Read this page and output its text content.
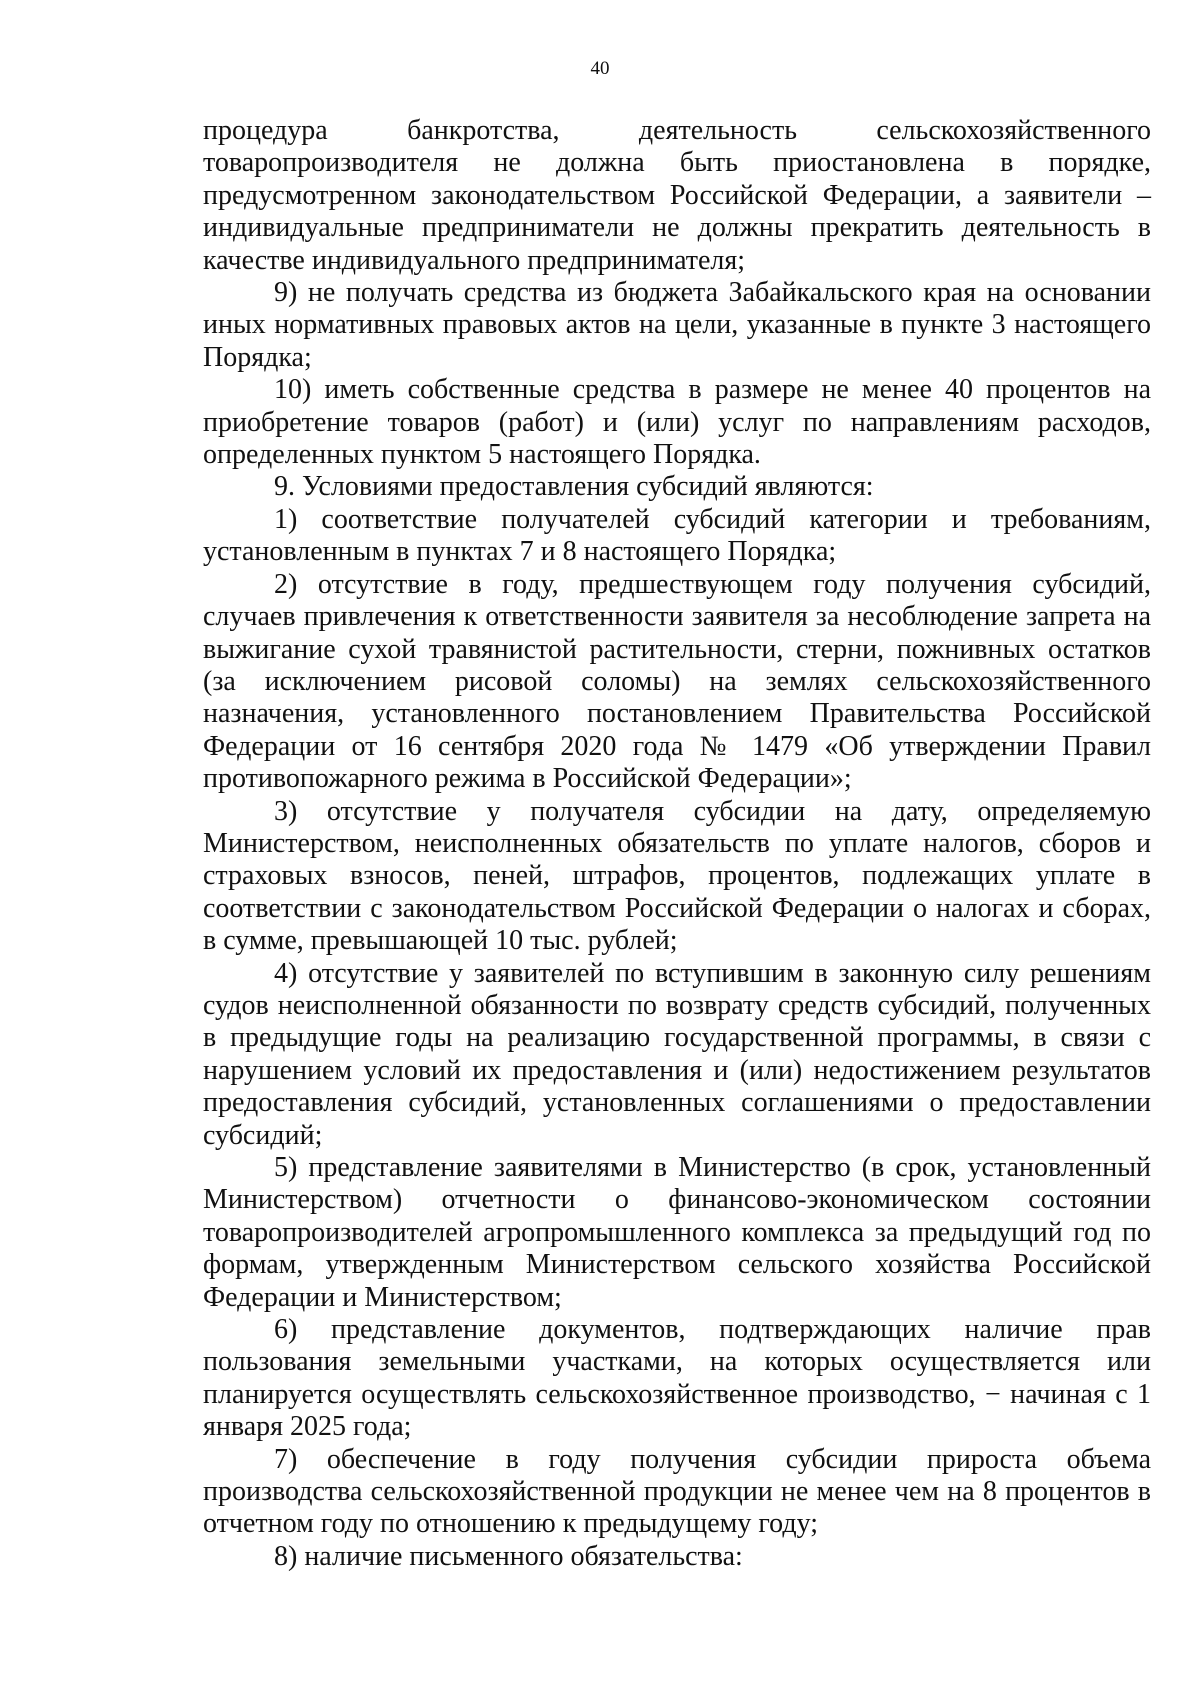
40

процедура банкротства, деятельность сельскохозяйственного товаропроизводителя не должна быть приостановлена в порядке, предусмотренном законодательством Российской Федерации, а заявители – индивидуальные предприниматели не должны прекратить деятельность в качестве индивидуального предпринимателя;

9) не получать средства из бюджета Забайкальского края на основании иных нормативных правовых актов на цели, указанные в пункте 3 настоящего Порядка;

10) иметь собственные средства в размере не менее 40 процентов на приобретение товаров (работ) и (или) услуг по направлениям расходов, определенных пунктом 5 настоящего Порядка.

9. Условиями предоставления субсидий являются:

1) соответствие получателей субсидий категории и требованиям, установленным в пунктах 7 и 8 настоящего Порядка;

2) отсутствие в году, предшествующем году получения субсидий, случаев привлечения к ответственности заявителя за несоблюдение запрета на выжигание сухой травянистой растительности, стерни, пожнивных остатков (за исключением рисовой соломы) на землях сельскохозяйственного назначения, установленного постановлением Правительства Российской Федерации от 16 сентября 2020 года № 1479 «Об утверждении Правил противопожарного режима в Российской Федерации»;

3) отсутствие у получателя субсидии на дату, определяемую Министерством, неисполненных обязательств по уплате налогов, сборов и страховых взносов, пеней, штрафов, процентов, подлежащих уплате в соответствии с законодательством Российской Федерации о налогах и сборах, в сумме, превышающей 10 тыс. рублей;

4) отсутствие у заявителей по вступившим в законную силу решениям судов неисполненной обязанности по возврату средств субсидий, полученных в предыдущие годы на реализацию государственной программы, в связи с нарушением условий их предоставления и (или) недостижением результатов предоставления субсидий, установленных соглашениями о предоставлении субсидий;

5) представление заявителями в Министерство (в срок, установленный Министерством) отчетности о финансово-экономическом состоянии товаропроизводителей агропромышленного комплекса за предыдущий год по формам, утвержденным Министерством сельского хозяйства Российской Федерации и Министерством;

6) представление документов, подтверждающих наличие прав пользования земельными участками, на которых осуществляется или планируется осуществлять сельскохозяйственное производство, − начиная с 1 января 2025 года;

7) обеспечение в году получения субсидии прироста объема производства сельскохозяйственной продукции не менее чем на 8 процентов в отчетном году по отношению к предыдущему году;

8) наличие письменного обязательства:
